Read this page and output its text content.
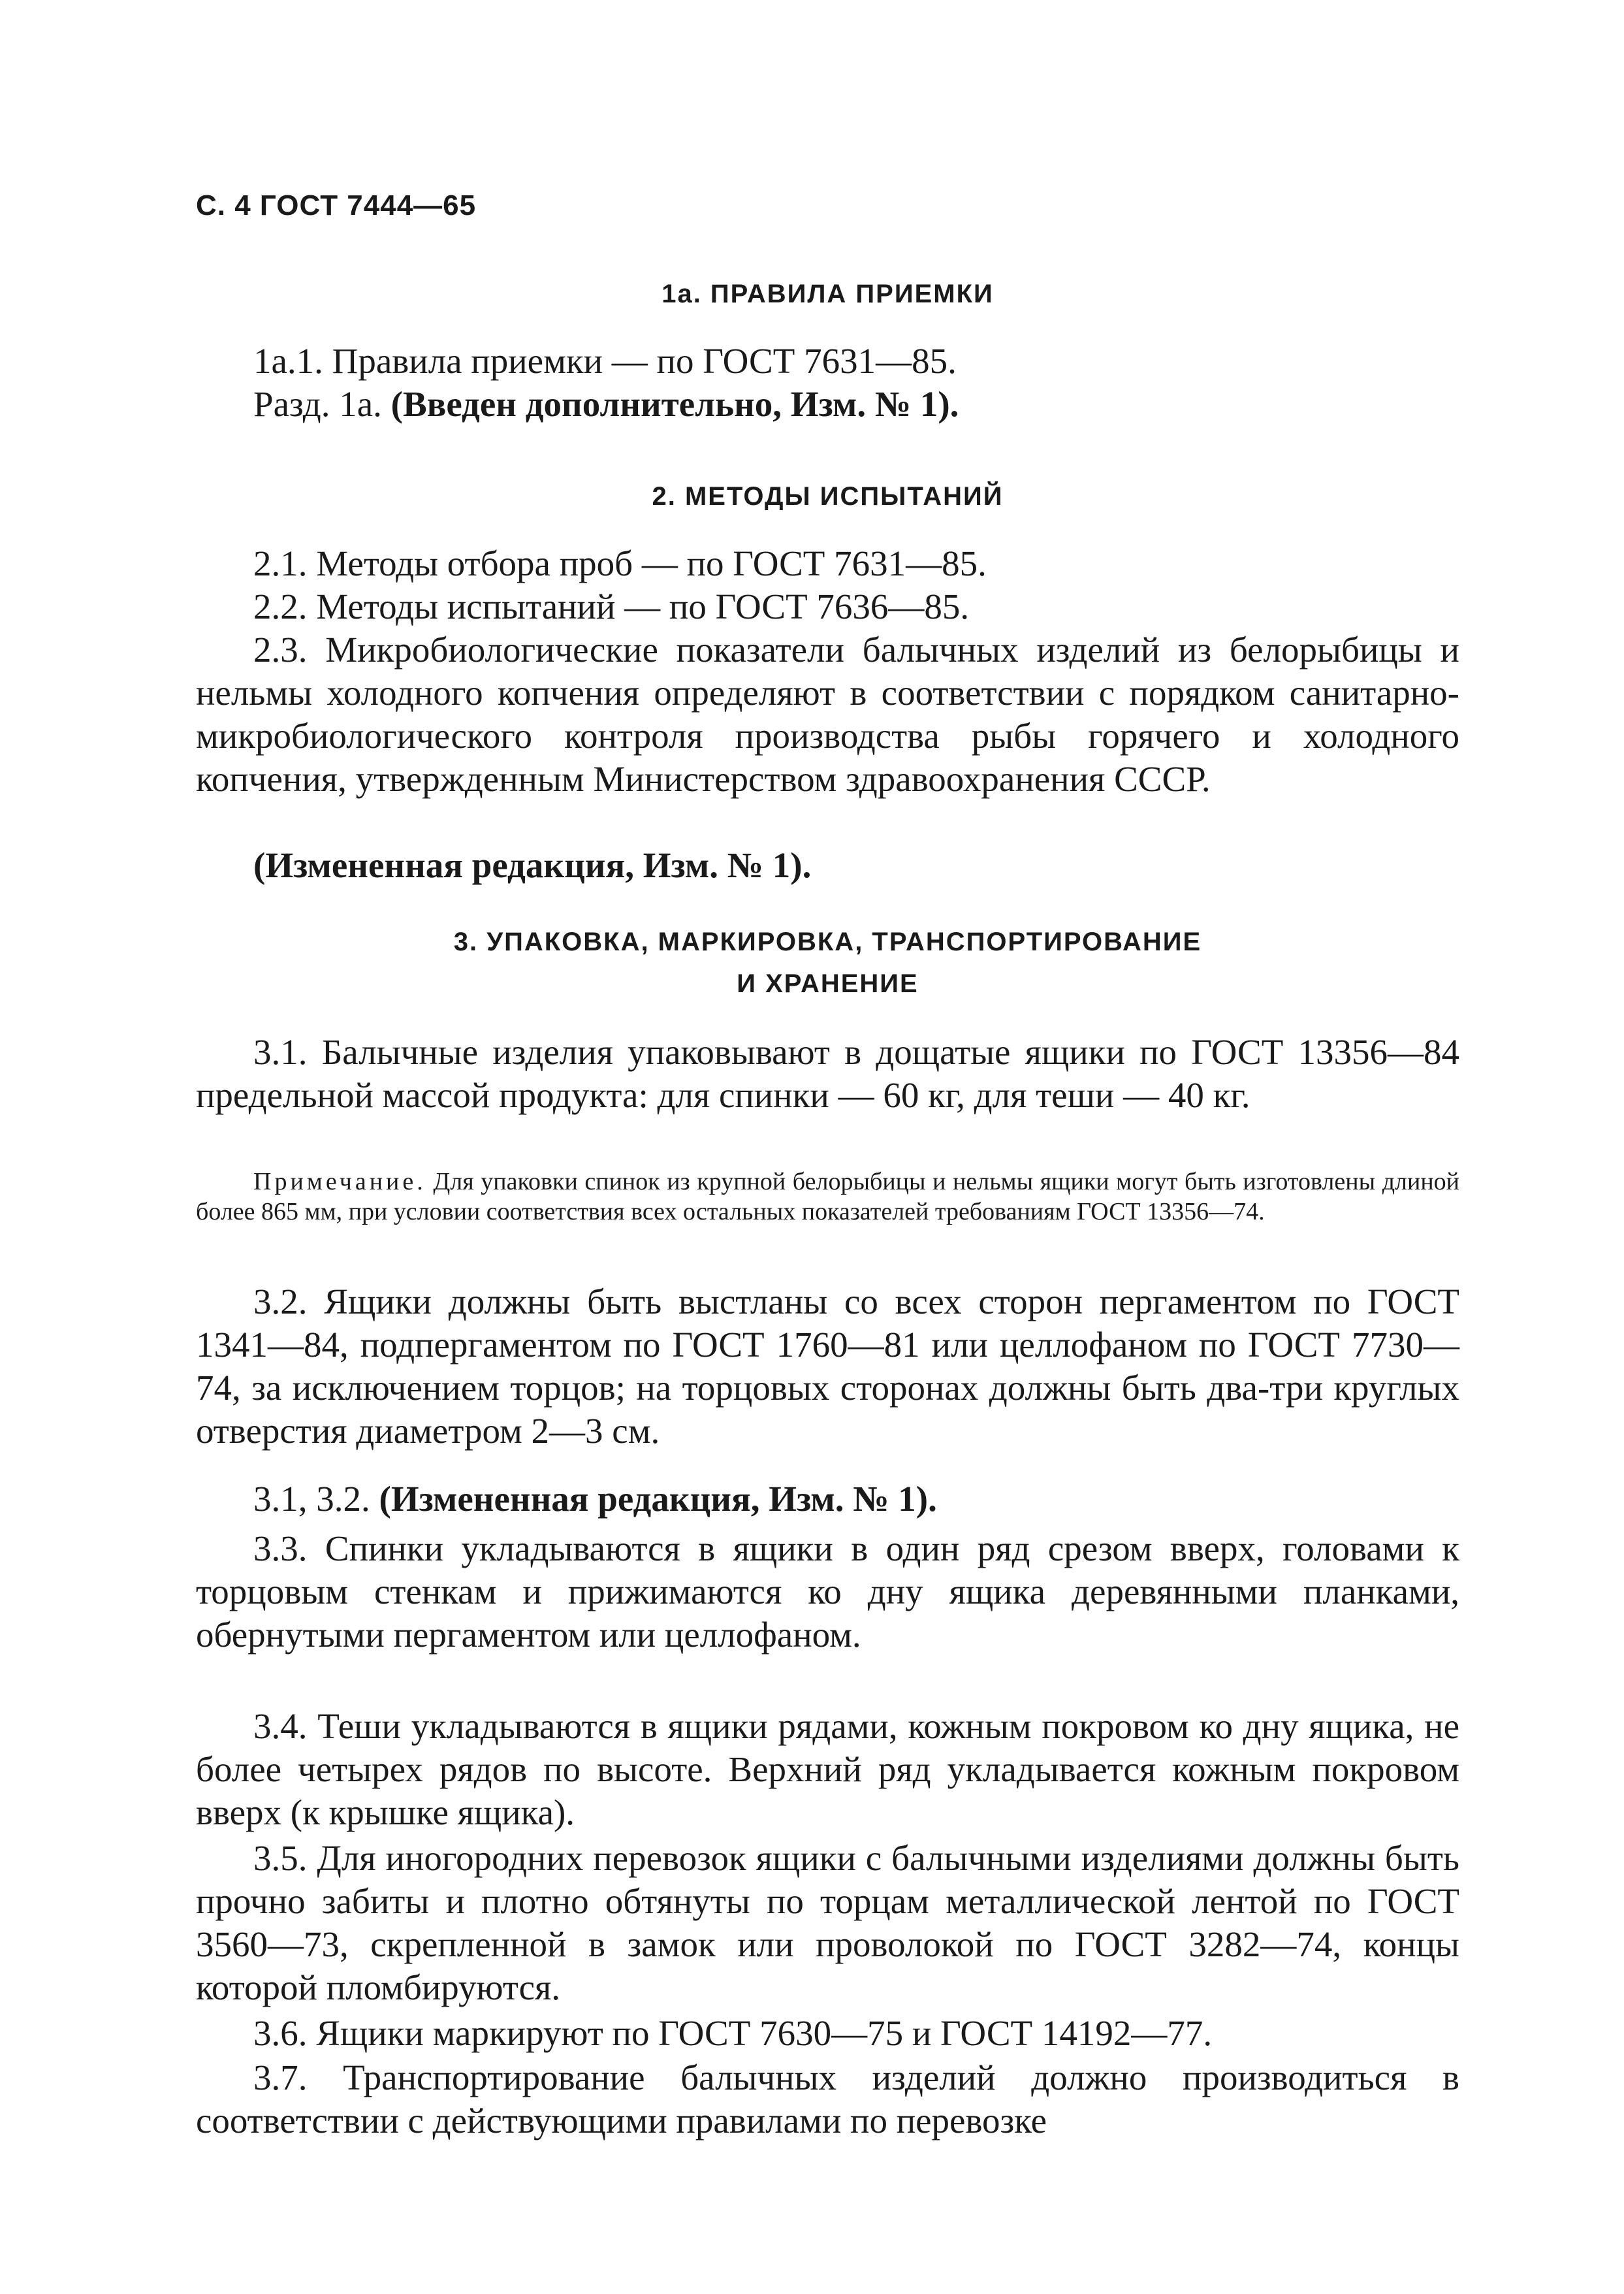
С. 4 ГОСТ 7444—65
1а. ПРАВИЛА ПРИЕМКИ

1а.1. Правила приемки — по ГОСТ 7631—85.

Разд. 1а. (Введен дополнительно, Изм. № 1).

2. МЕТОДЫ ИСПЫТАНИЙ

2.1. Методы отбора проб — по ГОСТ 7631—85.

2.2. Методы испытаний — по ГОСТ 7636—85.

2.3. Микробиологические показатели балычных изделий из белорыбицы и нельмы холодного копчения определяют в соответствии с порядком санитарно-микробиологического контроля производства рыбы горячего и холодного копчения, утвержденным Министерством здравоохранения СССР.

(Измененная редакция, Изм. № 1).

3. УПАКОВКА, МАРКИРОВКА, ТРАНСПОРТИРОВАНИЕ
И ХРАНЕНИЕ

3.1. Балычные изделия упаковывают в дощатые ящики по ГОСТ 13356—84 предельной массой продукта: для спинки — 60 кг, для теши — 40 кг.

Примечание. Для упаковки спинок из крупной белорыбицы и нельмы ящики могут быть изготовлены длиной более 865 мм, при условии соответствия всех остальных показателей требованиям ГОСТ 13356—74.

3.2. Ящики должны быть выстланы со всех сторон пергаментом по ГОСТ 1341—84, подпергаментом по ГОСТ 1760—81 или целлофаном по ГОСТ 7730—74, за исключением торцов; на торцовых сторонах должны быть два-три круглых отверстия диаметром 2—3 см.

3.1, 3.2. (Измененная редакция, Изм. № 1).

3.3. Спинки укладываются в ящики в один ряд срезом вверх, головами к торцовым стенкам и прижимаются ко дну ящика деревянными планками, обернутыми пергаментом или целлофаном.

3.4. Теши укладываются в ящики рядами, кожным покровом ко дну ящика, не более четырех рядов по высоте. Верхний ряд укладывается кожным покровом вверх (к крышке ящика).

3.5. Для иногородних перевозок ящики с балычными изделиями должны быть прочно забиты и плотно обтянуты по торцам металлической лентой по ГОСТ 3560—73, скрепленной в замок или проволокой по ГОСТ 3282—74, концы которой пломбируются.

3.6. Ящики маркируют по ГОСТ 7630—75 и ГОСТ 14192—77.

3.7. Транспортирование балычных изделий должно производиться в соответствии с действующими правилами по перевозке
